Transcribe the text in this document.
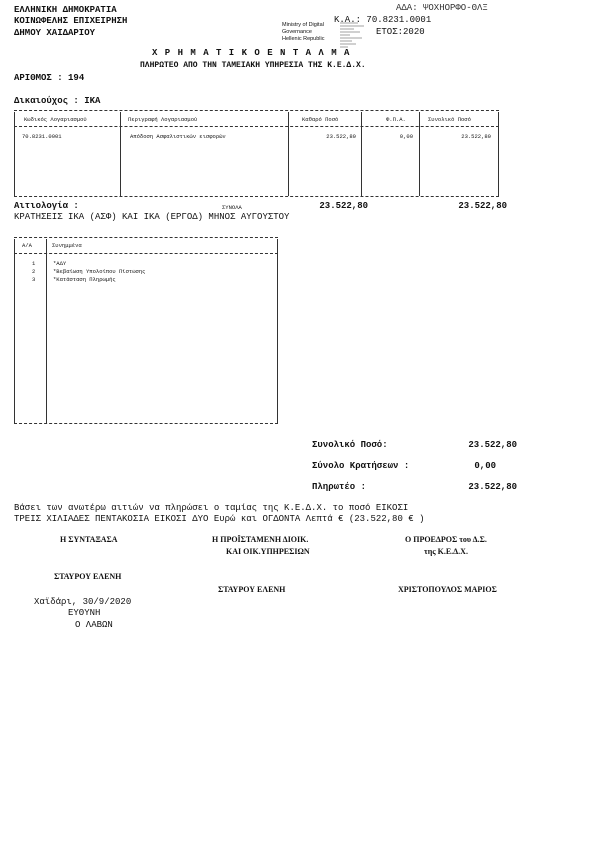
ΕΛΛΗΝΙΚΗ ΔΗΜΟΚΡΑΤΙΑ
ΚΟΙΝΩΦΕΛΗΣ ΕΠΙΧΕΙΡΗΣΗ
ΔΗΜΟΥ ΧΑΙΔΑΡΙΟΥ
ΑΔΑ: ΨΟΧΗΟΡΦΟ-ΘΛΞ
Κ.Α.: 70.8231.0001
ΕΤΟΣ:2020
Ministry of Digital
Governance
Hellenic Republic
Χ Ρ Η Μ Α Τ Ι Κ Ο Ε Ν Τ Α Λ Μ Α
ΠΛΗΡΩΤΕΟ ΑΠΟ ΤΗΝ ΤΑΜΕΙΑΚΗ ΥΠΗΡΕΣΙΑ ΤΗΣ Κ.Ε.Δ.Χ.
ΑΡΙΘΜΟΣ : 194
Δικαιούχος : ΙΚΑ
Κωδικός Λογαριασμού	Περιγραφή Λογαριασμού	Καθαρό Ποσό	Φ.Π.Α.	Συνολικό Ποσό
70.8231.0001	Απόδοση Ασφαλιστικών εισφορών	23.522,80	0,00	23.522,80
Αιτιολογία :	ΣΥΝΟΛΑ	23.522,80	23.522,80
ΚΡΑΤΗΣΕΙΣ ΙΚΑ (ΑΣΦ) ΚΑΙ ΙΚΑ (ΕΡΓΟΔ) ΜΗΝΟΣ ΑΥΓΟΥΣΤΟΥ
Α/Α	Συνημμένα
1	*ΑΔΥ
2	*Βεβαίωση Υπολοίπου Πίστωσης
3	*Κατάσταση Πληρωμής
Συνολικό Ποσό:	23.522,80
Σύνολο Κρατήσεων :	0,00
Πληρωτέο :	23.522,80
Βάσει των ανωτέρω αιτιών να πληρώσει ο ταμίας της Κ.Ε.Δ.Χ. το ποσό ΕΙΚΟΣΙ
ΤΡΕΙΣ ΧΙΛΙΑΔΕΣ ΠΕΝΤΑΚΟΣΙΑ ΕΙΚΟΣΙ ΔΥΟ Ευρώ και ΟΓΔΟΝΤΑ Λεπτά € (23.522,80 € )
Η ΣΥΝΤΑΞΑΣΑ	Η ΠΡΟΪΣΤΑΜΕΝΗ ΔΙΟΙΚ.
ΚΑΙ ΟΙΚ.ΥΠΗΡΕΣΙΩΝ
Ο ΠΡΟΕΔΡΟΣ του Δ.Σ.
της Κ.Ε.Δ.Χ.
ΣΤΑΥΡΟΥ ΕΛΕΝΗ
ΣΤΑΥΡΟΥ ΕΛΕΝΗ	ΧΡΙΣΤΟΠΟΥΛΟΣ ΜΑΡΙΟΣ
Χαϊδάρι, 30/9/2020
ΕΥΘΥΝΗ
Ο ΛΑΒΩΝ
